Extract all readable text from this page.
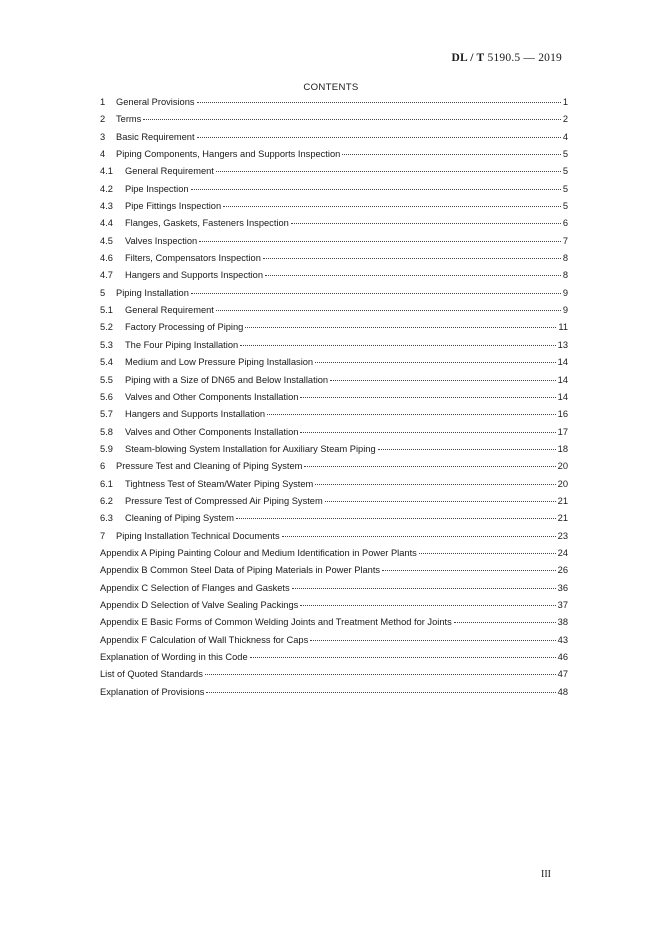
DL / T 5190.5 — 2019
CONTENTS
1	General Provisions	1
2	Terms	2
3	Basic Requirement	4
4	Piping Components, Hangers and Supports Inspection	5
4.1	General Requirement	5
4.2	Pipe Inspection	5
4.3	Pipe Fittings Inspection	5
4.4	Flanges, Gaskets, Fasteners Inspection	6
4.5	Valves Inspection	7
4.6	Filters, Compensators Inspection	8
4.7	Hangers and Supports Inspection	8
5	Piping Installation	9
5.1	General Requirement	9
5.2	Factory Processing of Piping	11
5.3	The Four Piping Installation	13
5.4	Medium and Low Pressure Piping Installasion	14
5.5	Piping with a Size of DN65 and Below Installation	14
5.6	Valves and Other Components Installation	14
5.7	Hangers and Supports Installation	16
5.8	Valves and Other Components Installation	17
5.9	Steam-blowing System Installation for Auxiliary Steam Piping	18
6	Pressure Test and Cleaning of Piping System	20
6.1	Tightness Test of Steam/Water Piping System	20
6.2	Pressure Test of Compressed Air Piping System	21
6.3	Cleaning of Piping System	21
7	Piping Installation Technical Documents	23
Appendix A Piping Painting Colour and Medium Identification in Power Plants	24
Appendix B Common Steel Data of Piping Materials in Power Plants	26
Appendix C Selection of Flanges and Gaskets	36
Appendix D Selection of Valve Sealing Packings	37
Appendix E Basic Forms of Common Welding Joints and Treatment Method for Joints	38
Appendix F Calculation of Wall Thickness for Caps	43
Explanation of Wording in this Code	46
List of Quoted Standards	47
Explanation of Provisions	48
III
